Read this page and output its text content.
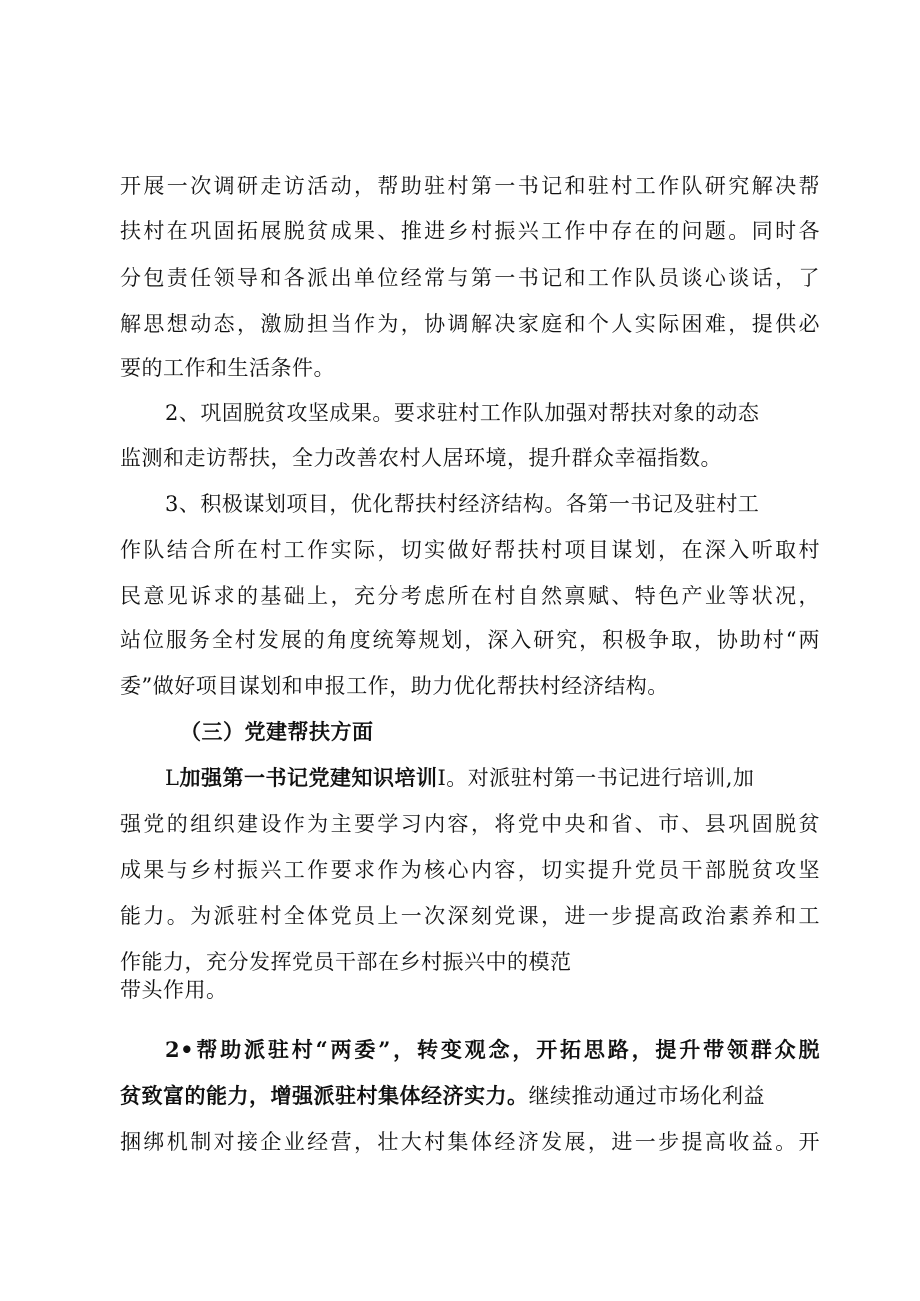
开展一次调研走访活动，帮助驻村第一书记和驻村工作队研究解决帮
扶村在巩固拓展脱贫成果、推进乡村振兴工作中存在的问题。同时各
分包责任领导和各派出单位经常与第一书记和工作队员谈心谈话，了
解思想动态，激励担当作为，协调解决家庭和个人实际困难，提供必
要的工作和生活条件。
2、巩固脱贫攻坚成果。要求驻村工作队加强对帮扶对象的动态
监测和走访帮扶，全力改善农村人居环境，提升群众幸福指数。
3、积极谋划项目，优化帮扶村经济结构。各第一书记及驻村工
作队结合所在村工作实际，切实做好帮扶村项目谋划，在深入听取村
民意见诉求的基础上，充分考虑所在村自然禀赋、特色产业等状况，
站位服务全村发展的角度统筹规划，深入研究，积极争取，协助村“两
委”做好项目谋划和申报工作，助力优化帮扶村经济结构。
（三）党建帮扶方面
L加强第一书记党建知识培训I。对派驻村第一书记进行培训,加
强党的组织建设作为主要学习内容，将党中央和省、市、县巩固脱贫
成果与乡村振兴工作要求作为核心内容，切实提升党员干部脱贫攻坚
能力。为派驻村全体党员上一次深刻党课，进一步提高政治素养和工
作能力，充分发挥党员干部在乡村振兴中的模范
带头作用。
2•帮助派驻村“两委”，转变观念，开拓思路，提升带领群众脱
贫致富的能力，增强派驻村集体经济实力。继续推动通过市场化利益
捆绑机制对接企业经营，壮大村集体经济发展，进一步提高收益。开
